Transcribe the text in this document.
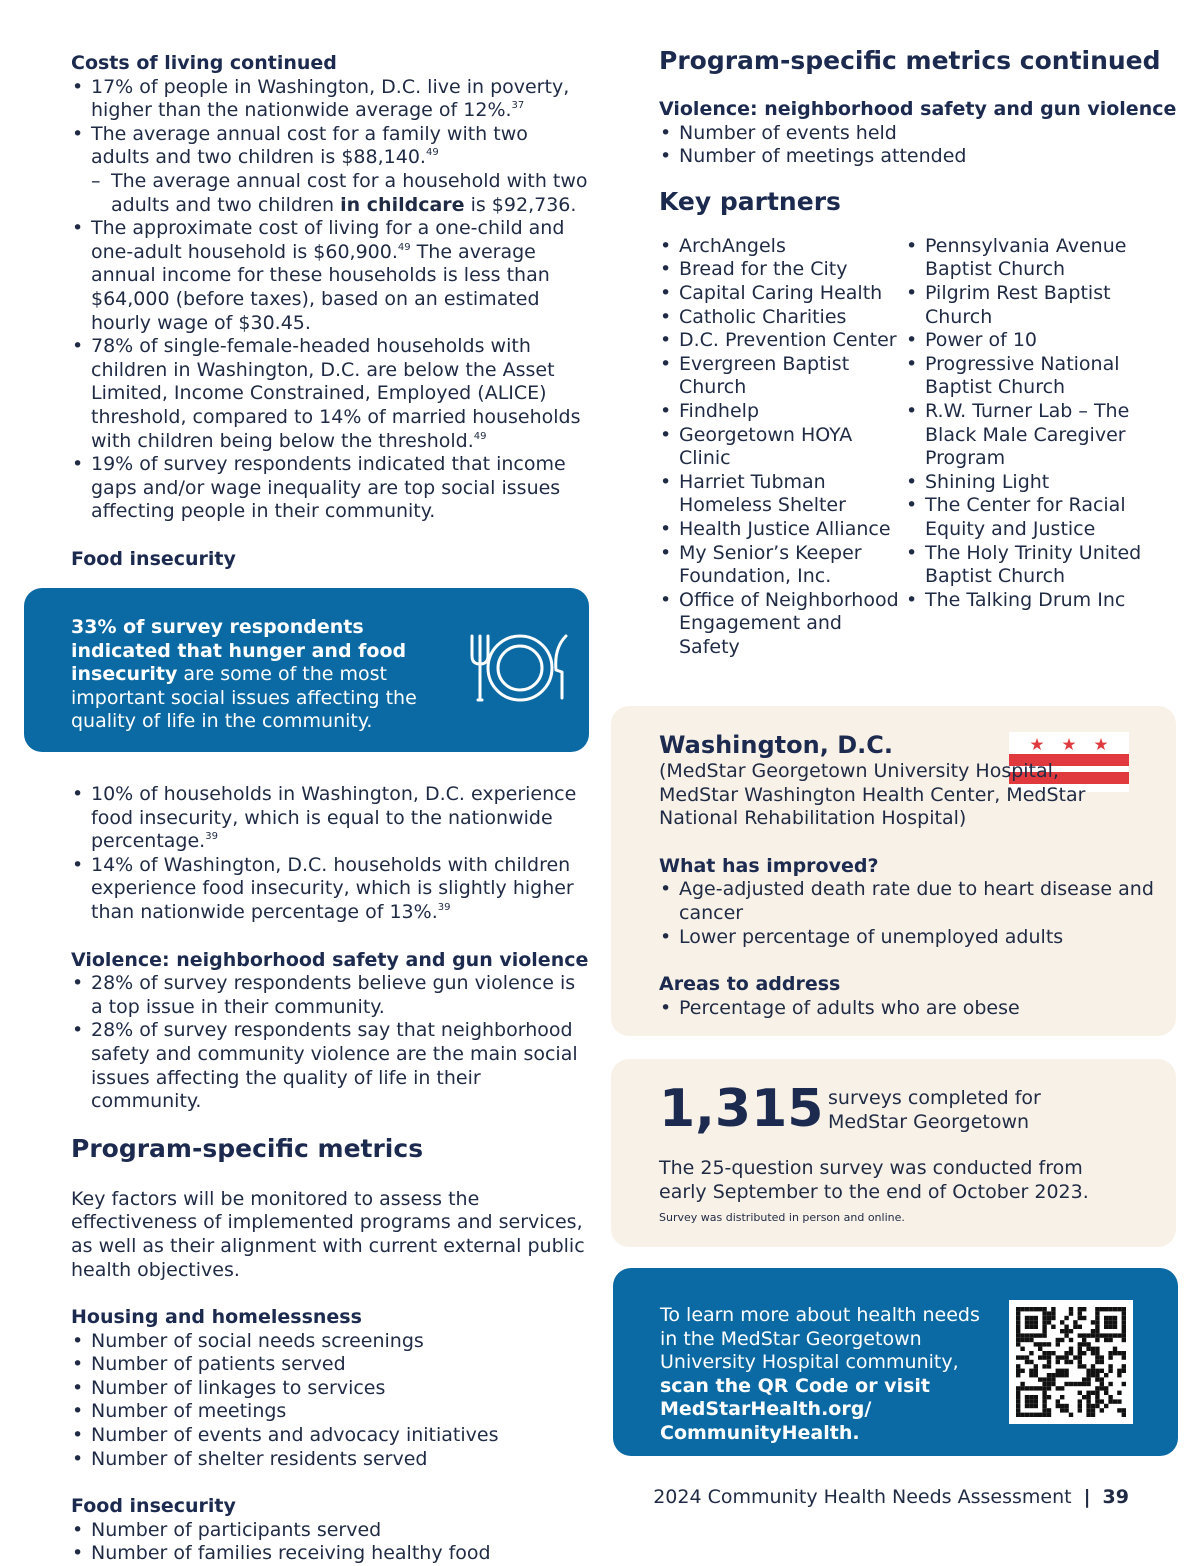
Costs of living continued

• 17% of people in Washington, D.C. live in poverty, higher than the nationwide average of 12%.$^{37}$
• The average annual cost for a family with two adults and two children is $88,140.49
– The average annual cost for a household with two adults and two children in childcare is $92,736.
• The approximate cost of living for a one-child and one-adult household is $60,900.49 The average annual income for these households is less than $64,000 (before taxes), based on an estimated hourly wage of $30.45.
• 78% of single-female-headed households with children in Washington, D.C. are below the Asset Limited, Income Constrained, Employed (ALICE) threshold, compared to 14% of married households with children being below the threshold.$^{49}$
• 19% of survey respondents indicated that income gaps and/or wage inequality are top social issues affecting people in their community.

Food insecurity

33% of survey respondents indicated that hunger and food insecurity are some of the most important social issues affecting the quality of life in the community.
• 10% of households in Washington, D.C. experience food insecurity, which is equal to the nationwide percentage.$^{39}$
• 14% of Washington, D.C. households with children experience food insecurity, which is slightly higher than nationwide percentage of 13%.$^{39}$

Violence: neighborhood safety and gun violence

• 28% of survey respondents believe gun violence is a top issue in their community.
• 28% of survey respondents say that neighborhood safety and community violence are the main social issues affecting the quality of life in their community.

Program-specific metrics

Key factors will be monitored to assess the effectiveness of implemented programs and services, as well as their alignment with current external public health objectives.

Housing and homelessness

• Number of social needs screenings
• Number of patients served
• Number of linkages to services
• Number of meetings
• Number of events and advocacy initiatives
• Number of shelter residents served

Food insecurity

• Number of participants served
• Number of families receiving healthy food

Program-specific metrics continued

Violence: neighborhood safety and gun violence

• Number of events held
• Number of meetings attended

Key partners

• ArchAngels
• Bread for the City
• Capital Caring Health
• Catholic Charities
• D.C. Prevention Center
• Evergreen Baptist Church
• Findhelp
• Georgetown HOYA Clinic
• Harriet Tubman Homeless Shelter
• Health Justice Alliance
• My Senior’s Keeper Foundation, Inc.
• Office of Neighborhood Engagement and Safety
• Pennsylvania Avenue Baptist Church
• Pilgrim Rest Baptist Church
• Power of 10
• Progressive National Baptist Church
• R.W. Turner Lab – The Black Male Caregiver Program
• Shining Light
• The Center for Racial Equity and Justice
• The Holy Trinity United Baptist Church
• The Talking Drum Inc

Washington, D.C.

(MedStar Georgetown University Hospital, MedStar Washington Health Center, MedStar National Rehabilitation Hospital)

What has improved?

• Age-adjusted death rate due to heart disease and cancer
• Lower percentage of unemployed adults

Areas to address

• Percentage of adults who are obese
1,315 surveys completed for MedStar Georgetown
The 25-question survey was conducted from early September to the end of October 2023.
Survey was distributed in person and online.
To learn more about health needs in the MedStar Georgetown University Hospital community, scan the QR Code or visit MedStarHealth.org/ CommunityHealth.
2024 Community Health Needs Assessment | 39
